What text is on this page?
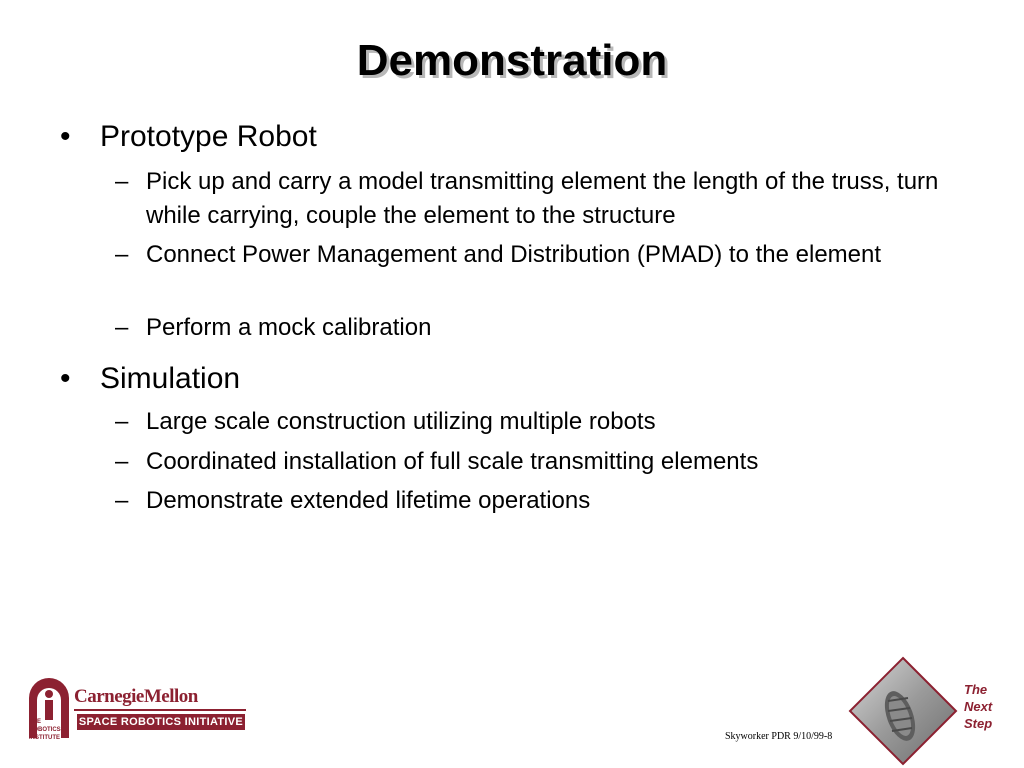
Demonstration
• Prototype Robot
– Pick up and carry a model transmitting element the length of the truss, turn while carrying, couple the element to the structure
– Connect Power Management and Distribution (PMAD) to the element
– Perform a mock calibration
• Simulation
– Large scale construction utilizing multiple robots
– Coordinated installation of full scale transmitting elements
– Demonstrate extended lifetime operations
THE
ROBOTICS
INSTITUTE
CarnegieMellon
SPACE ROBOTICS INITIATIVE
Skyworker PDR 9/10/99-8
The
Next
Step
